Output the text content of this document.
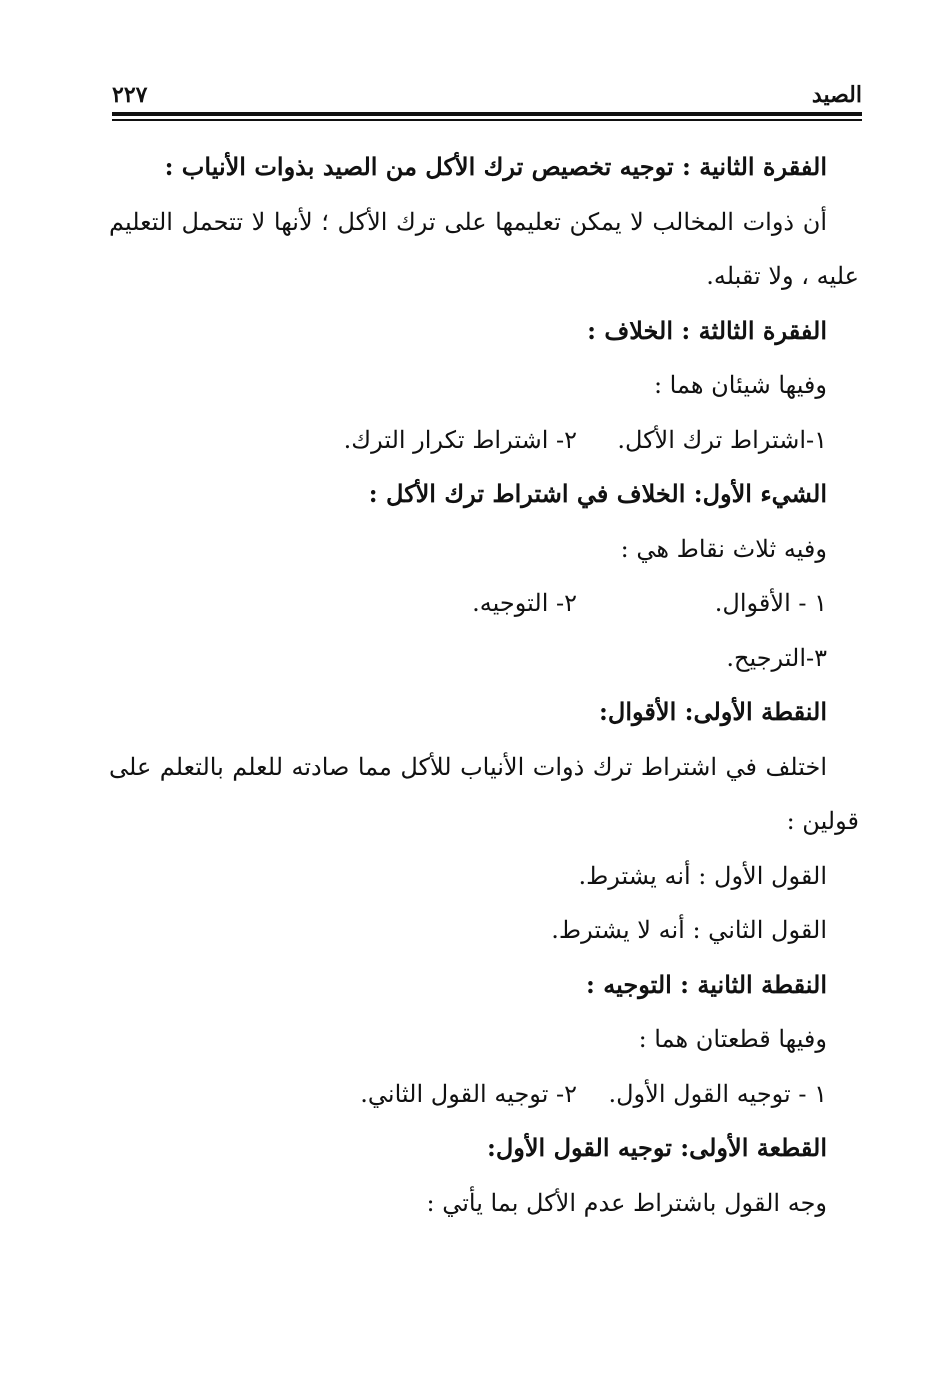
الصيد
٢٢٧
الفقرة الثانية : توجيه تخصيص ترك الأكل من الصيد بذوات الأنياب :
أن ذوات المخالب لا يمكن تعليمها على ترك الأكل ؛ لأنها لا تتحمل التعليم
عليه ، ولا تقبله.
الفقرة الثالثة : الخلاف :
وفيها شيئان هما :
١-اشتراط ترك الأكل.
٢- اشتراط تكرار الترك.
الشيء الأول: الخلاف في اشتراط ترك الأكل :
وفيه ثلاث نقاط هي :
١ - الأقوال.
٢- التوجيه.
٣-الترجيح.
النقطة الأولى: الأقوال:
اختلف في اشتراط ترك ذوات الأنياب للأكل مما صادته للعلم بالتعلم على
قولين :
القول الأول : أنه يشترط.
القول الثاني : أنه لا يشترط.
النقطة الثانية : التوجيه :
وفيها قطعتان هما :
١ - توجيه القول الأول.
٢- توجيه القول الثاني.
القطعة الأولى: توجيه القول الأول:
وجه القول باشتراط عدم الأكل بما يأتي :
